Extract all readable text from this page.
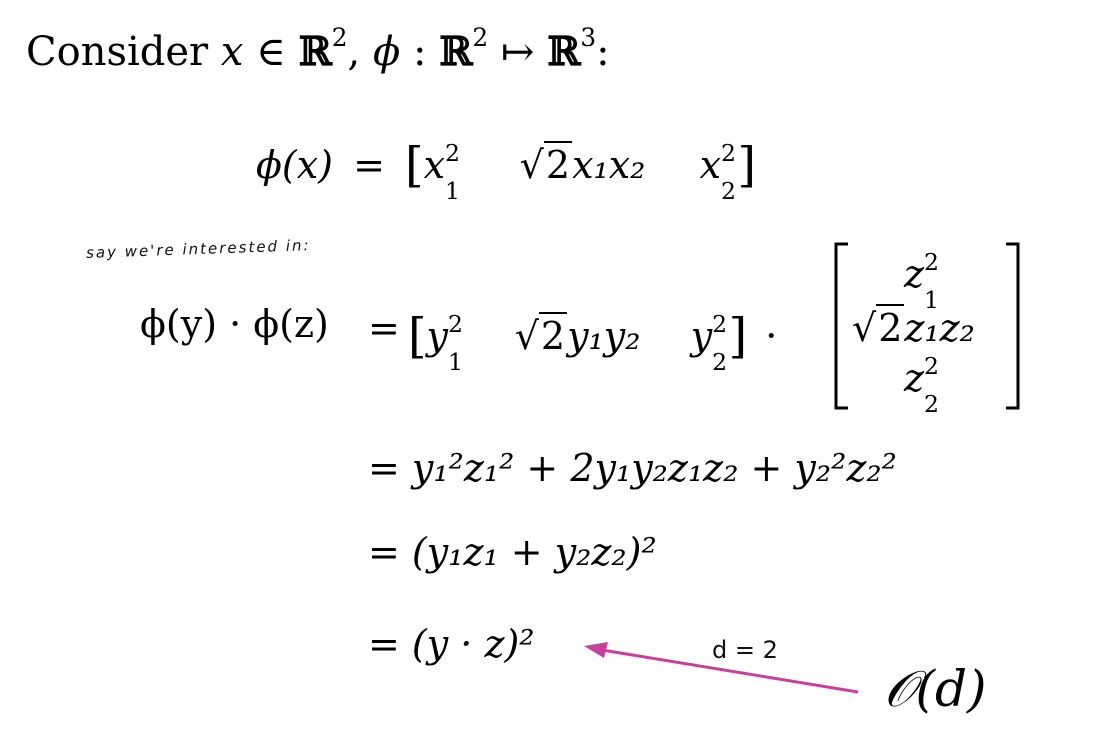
Consider x ∈ ℝ$^2$, ϕ : ℝ$^2$ ↦ ℝ$^3$:
ϕ(x) = [x 2
1
√2x₁x₂ x 2
2 ]
say we're interested in:
ϕ(y) · ϕ(z) = [y 2
1
√2y₁y₂ y 2
2 ] ·
z 2
1
√2z₁z₂
z 2
2
= y₁²z₁² + 2y₁y₂z₁z₂ + y₂²z₂²
= (y₁z₁ + y₂z₂)²
= (y · z)²	d = 2
𝒪(d)
